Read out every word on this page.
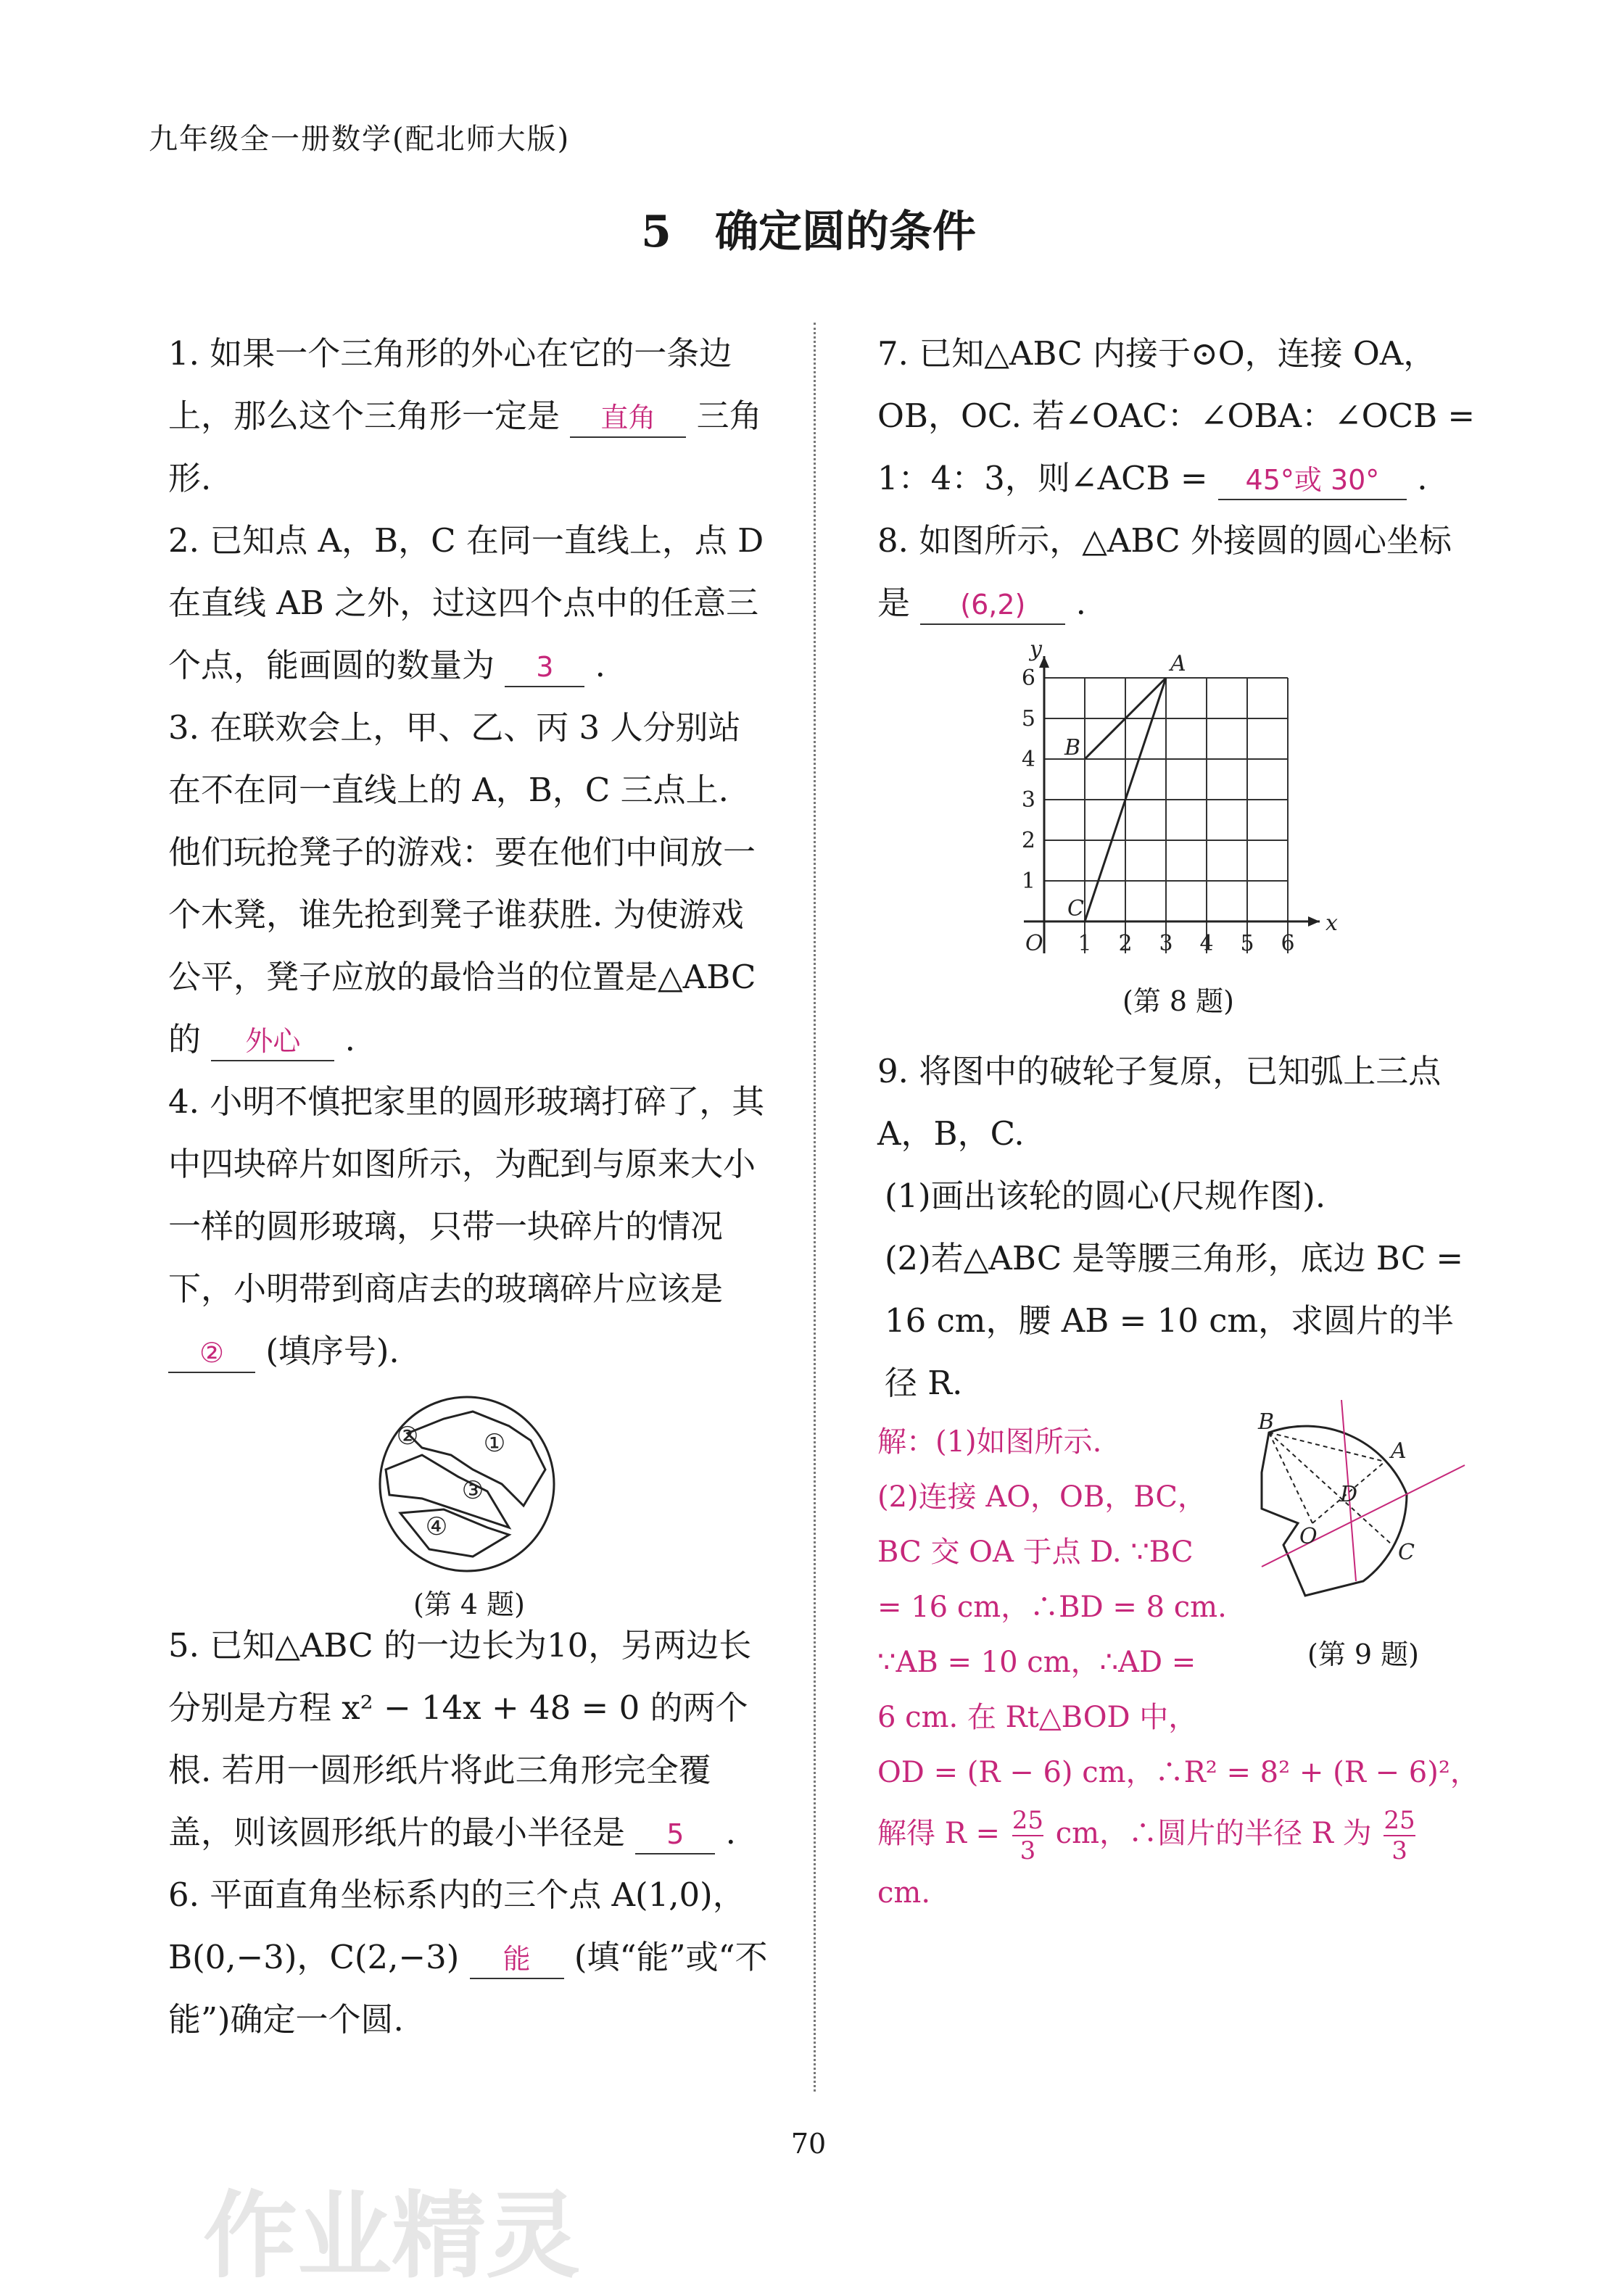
九年级全一册数学(配北师大版)
5　确定圆的条件
1. 如果一个三角形的外心在它的一条边上，那么这个三角形一定是 直角 三角形.
2. 已知点 A，B，C 在同一直线上，点 D 在直线 AB 之外，过这四个点中的任意三个点，能画圆的数量为 3 .
3. 在联欢会上，甲、乙、丙 3 人分别站在不在同一直线上的 A，B，C 三点上. 他们玩抢凳子的游戏：要在他们中间放一个木凳，谁先抢到凳子谁获胜. 为使游戏公平，凳子应放的最恰当的位置是△ABC 的 外心 .
4. 小明不慎把家里的圆形玻璃打碎了，其中四块碎片如图所示，为配到与原来大小一样的圆形玻璃，只带一块碎片的情况下，小明带到商店去的玻璃碎片应该是 ② (填序号).
②	①
③
④
(第 4 题)
5. 已知△ABC 的一边长为10，另两边长分别是方程 x² − 14x + 48 = 0 的两个根. 若用一圆形纸片将此三角形完全覆盖，则该圆形纸片的最小半径是 5 .
6. 平面直角坐标系内的三个点 A(1,0)，B(0,−3)，C(2,−3) 能 (填“能”或“不能”)确定一个圆.
7. 已知△ABC 内接于⊙O，连接 OA，OB，OC. 若∠OAC：∠OBA：∠OCB = 1：4：3，则∠ACB = 45°或 30° .
8. 如图所示，△ABC 外接圆的圆心坐标是 (6,2) .
x
y
O 1 2 3 4 5 6
1
2
3
4
5
6
A
B
C
(第 8 题)

9. 将图中的破轮子复原，已知弧上三点 A，B，C.

(1)画出该轮的圆心(尺规作图).

(2)若△ABC 是等腰三角形，底边 BC = 16 cm，腰 AB = 10 cm，求圆片的半径 R.

解：(1)如图所示.
(2)连接 AO，OB，BC，
BC 交 OA 于点 D. ∵BC
= 16 cm，∴BD = 8 cm.
∵AB = 10 cm，∴AD =
6 cm. 在 Rt△BOD 中，
OD = (R − 6) cm，∴R² = 8² + (R − 6)²，
解得 $R = \frac{25}{3}$ cm，∴圆片的半径 R 为 $\frac{25}{3}$
cm.
B
A
D
O
C
(第 9 题)
70
作业精灵
